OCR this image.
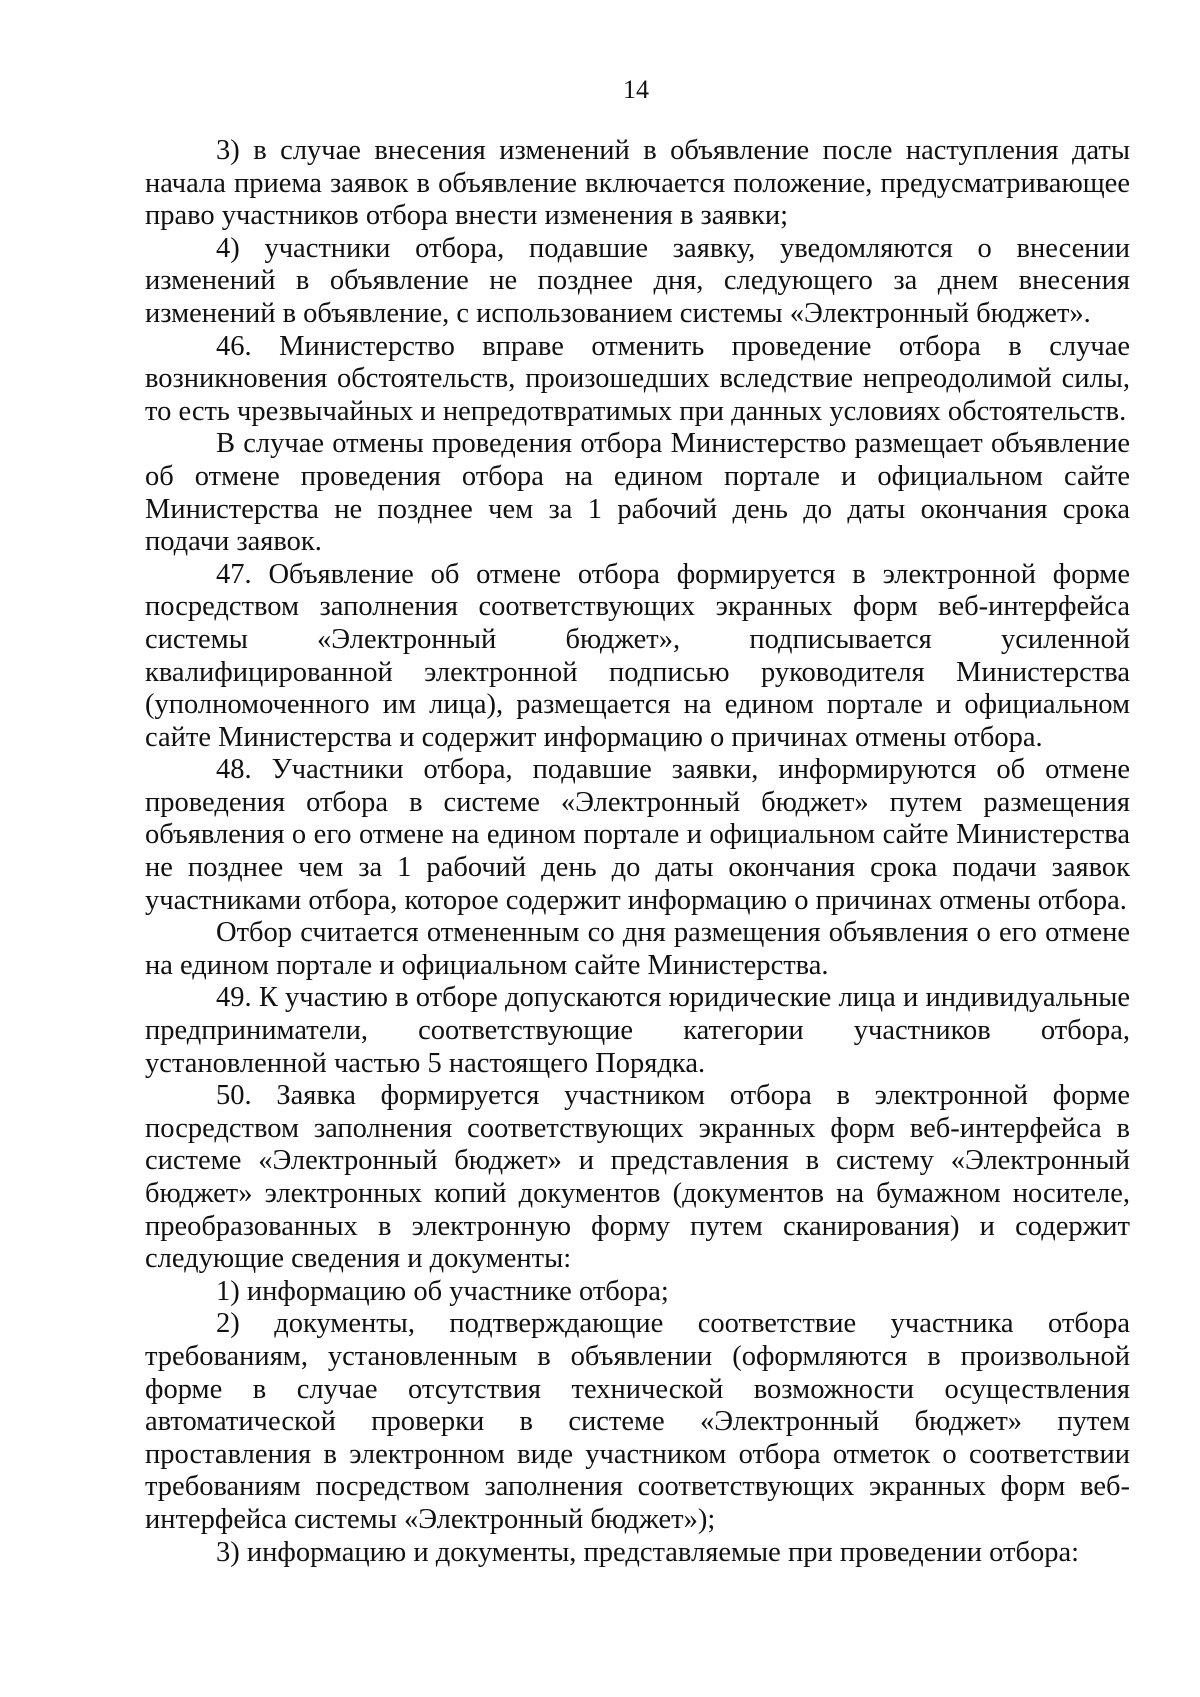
14

3) в случае внесения изменений в объявление после наступления даты начала приема заявок в объявление включается положение, предусматривающее право участников отбора внести изменения в заявки;

4) участники отбора, подавшие заявку, уведомляются о внесении изменений в объявление не позднее дня, следующего за днем внесения изменений в объявление, с использованием системы «Электронный бюджет».

46. Министерство вправе отменить проведение отбора в случае возникновения обстоятельств, произошедших вследствие непреодолимой силы, то есть чрезвычайных и непредотвратимых при данных условиях обстоятельств.

В случае отмены проведения отбора Министерство размещает объявление об отмене проведения отбора на едином портале и официальном сайте Министерства не позднее чем за 1 рабочий день до даты окончания срока подачи заявок.

47. Объявление об отмене отбора формируется в электронной форме посредством заполнения соответствующих экранных форм веб-интерфейса системы «Электронный бюджет», подписывается усиленной квалифицированной электронной подписью руководителя Министерства (уполномоченного им лица), размещается на едином портале и официальном сайте Министерства и содержит информацию о причинах отмены отбора.

48. Участники отбора, подавшие заявки, информируются об отмене проведения отбора в системе «Электронный бюджет» путем размещения объявления о его отмене на едином портале и официальном сайте Министерства не позднее чем за 1 рабочий день до даты окончания срока подачи заявок участниками отбора, которое содержит информацию о причинах отмены отбора.

Отбор считается отмененным со дня размещения объявления о его отмене на едином портале и официальном сайте Министерства.

49. К участию в отборе допускаются юридические лица и индивидуальные предприниматели, соответствующие категории участников отбора, установленной частью 5 настоящего Порядка.

50. Заявка формируется участником отбора в электронной форме посредством заполнения соответствующих экранных форм веб-интерфейса в системе «Электронный бюджет» и представления в систему «Электронный бюджет» электронных копий документов (документов на бумажном носителе, преобразованных в электронную форму путем сканирования) и содержит следующие сведения и документы:

1) информацию об участнике отбора;

2) документы, подтверждающие соответствие участника отбора требованиям, установленным в объявлении (оформляются в произвольной форме в случае отсутствия технической возможности осуществления автоматической проверки в системе «Электронный бюджет» путем проставления в электронном виде участником отбора отметок о соответствии требованиям посредством заполнения соответствующих экранных форм веб-интерфейса системы «Электронный бюджет»);

3) информацию и документы, представляемые при проведении отбора:
